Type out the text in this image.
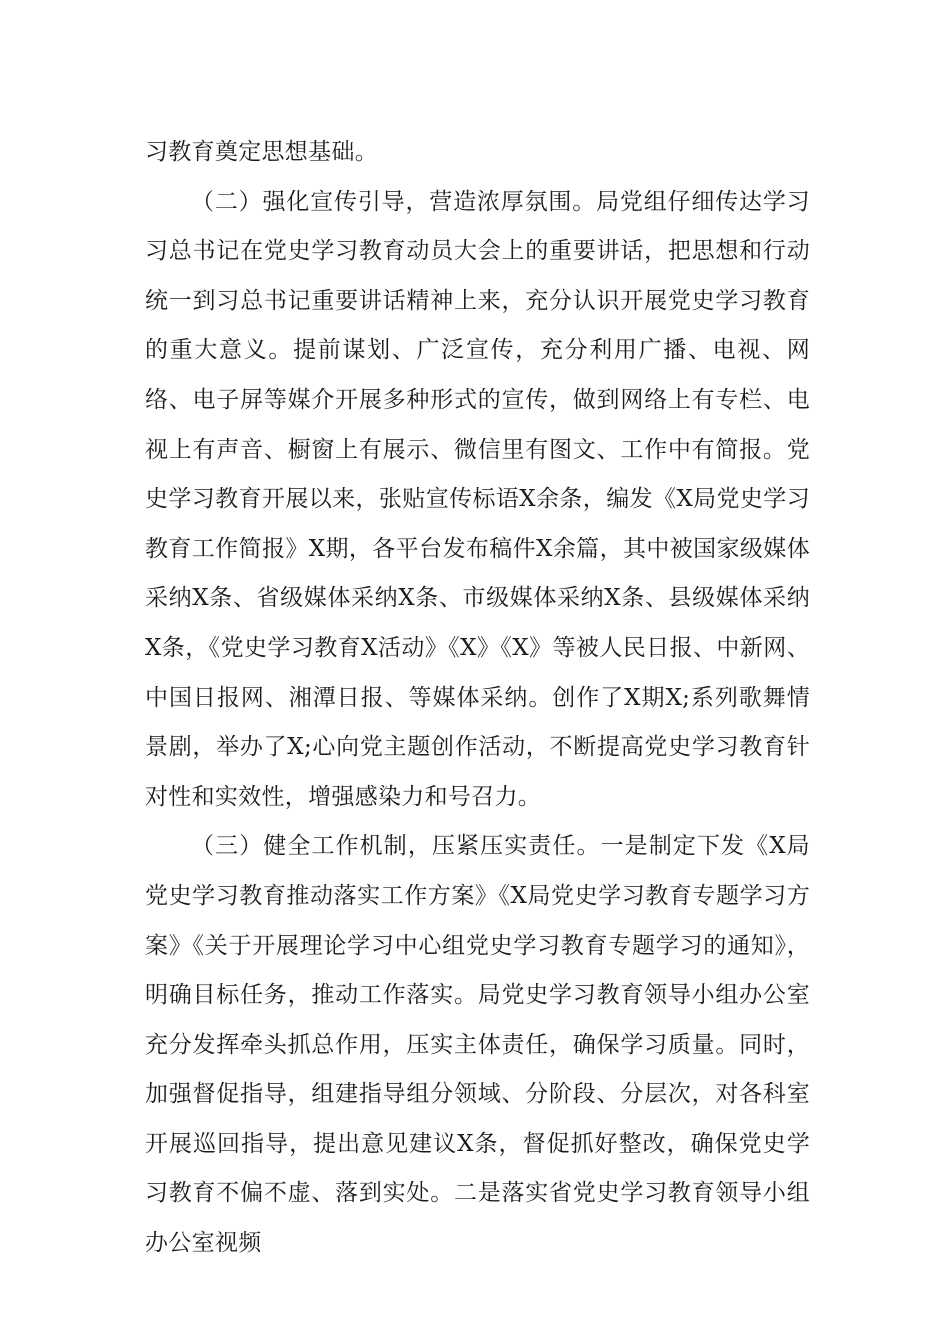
习教育奠定思想基础。

（二）强化宣传引导，营造浓厚氛围。局党组仔细传达学习习总书记在党史学习教育动员大会上的重要讲话，把思想和行动统一到习总书记重要讲话精神上来，充分认识开展党史学习教育的重大意义。提前谋划、广泛宣传，充分利用广播、电视、网络、电子屏等媒介开展多种形式的宣传，做到网络上有专栏、电视上有声音、橱窗上有展示、微信里有图文、工作中有简报。党史学习教育开展以来，张贴宣传标语X余条，编发《X局党史学习教育工作简报》X期，各平台发布稿件X余篇，其中被国家级媒体采纳X条、省级媒体采纳X条、市级媒体采纳X条、县级媒体采纳X条，《党史学习教育X活动》《X》《X》等被人民日报、中新网、中国日报网、湘潭日报、等媒体采纳。创作了X期X;系列歌舞情景剧，举办了X;心向党主题创作活动，不断提高党史学习教育针对性和实效性，增强感染力和号召力。

（三）健全工作机制，压紧压实责任。一是制定下发《X局党史学习教育推动落实工作方案》《X局党史学习教育专题学习方案》《关于开展理论学习中心组党史学习教育专题学习的通知》，明确目标任务，推动工作落实。局党史学习教育领导小组办公室充分发挥牵头抓总作用，压实主体责任，确保学习质量。同时，加强督促指导，组建指导组分领域、分阶段、分层次，对各科室开展巡回指导，提出意见建议X条，督促抓好整改，确保党史学习教育不偏不虚、落到实处。二是落实省党史学习教育领导小组办公室视频
